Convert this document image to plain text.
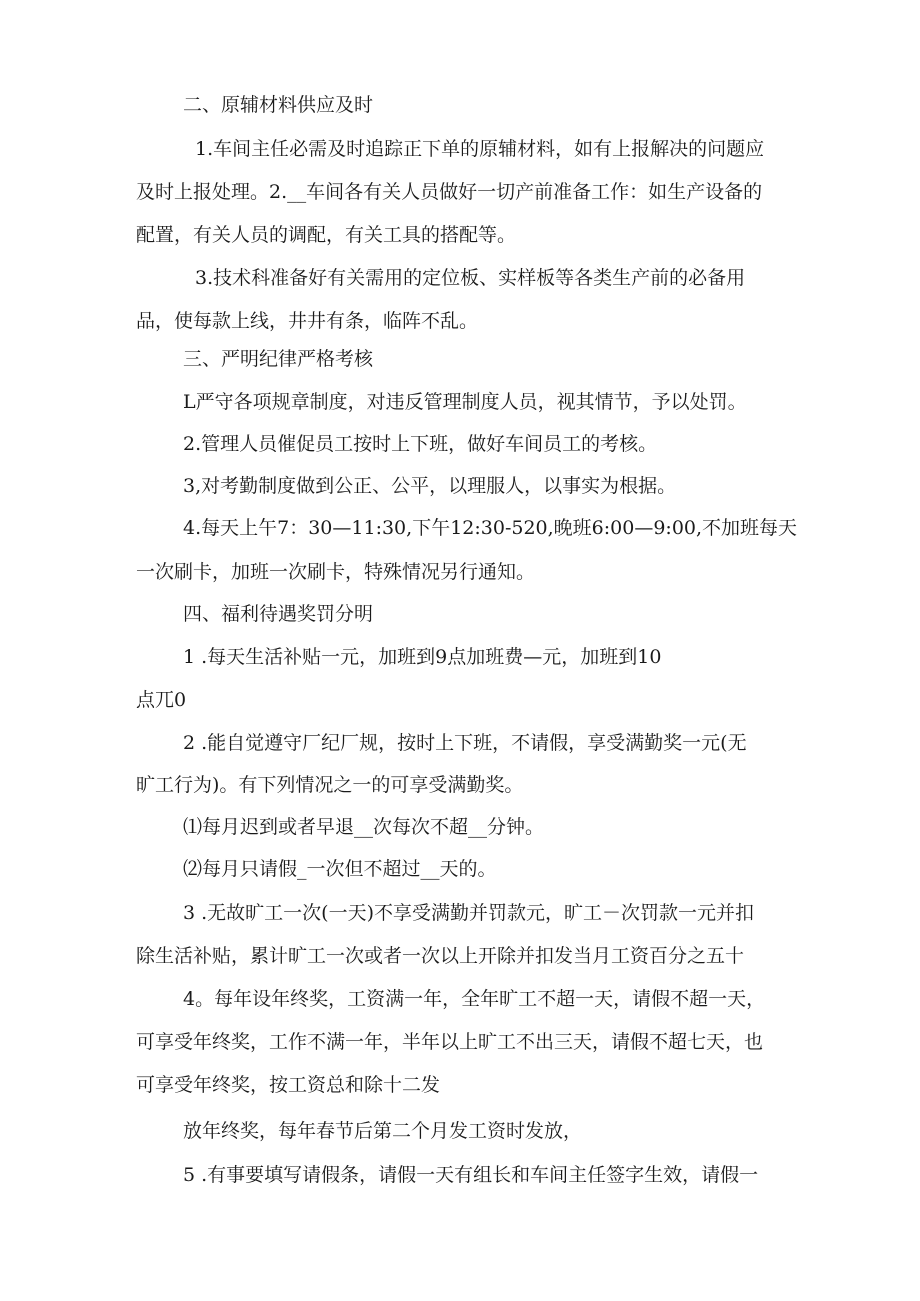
二、原辅材料供应及时
1.车间主任必需及时追踪正下单的原辅材料，如有上报解决的问题应
及时上报处理。2.__车间各有关人员做好一切产前准备工作：如生产设备的
配置，有关人员的调配，有关工具的搭配等。
3.技术科准备好有关需用的定位板、实样板等各类生产前的必备用
品，使每款上线，井井有条，临阵不乱。
三、严明纪律严格考核
L严守各项规章制度，对违反管理制度人员，视其情节，予以处罚。
2.管理人员催促员工按时上下班，做好车间员工的考核。
3,对考勤制度做到公正、公平，以理服人，以事实为根据。
4.每天上午7：30—11:30,下午12:30-520,晚班6:00—9:00,不加班每天
一次刷卡，加班一次刷卡，特殊情况另行通知。
四、福利待遇奖罚分明
1 .每天生活补贴一元，加班到9点加班费—元，加班到10
点兀0
2 .能自觉遵守厂纪厂规，按时上下班，不请假，享受满勤奖一元(无
旷工行为)。有下列情况之一的可享受满勤奖。
⑴每月迟到或者早退__次每次不超__分钟。
⑵每月只请假_一次但不超过__天的。
3 .无故旷工一次(一天)不享受满勤并罚款元，旷工－次罚款一元并扣
除生活补贴，累计旷工一次或者一次以上开除并扣发当月工资百分之五十
4。每年设年终奖，工资满一年，全年旷工不超一天，请假不超一天，
可享受年终奖，工作不满一年，半年以上旷工不出三天，请假不超七天，也
可享受年终奖，按工资总和除十二发
放年终奖，每年春节后第二个月发工资时发放，
5 .有事要填写请假条，请假一天有组长和车间主任签字生效，请假一
